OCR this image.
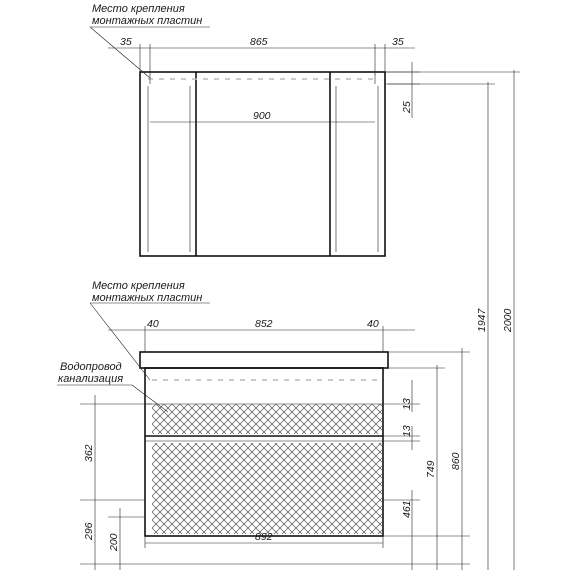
35	865	35
900
25
Место крепления
монтажных пластин
40	852	40
Место крепления
монтажных пластин
Водопровод
канализация
362
296
200	892
13
13
461
749 860
1947 2000
